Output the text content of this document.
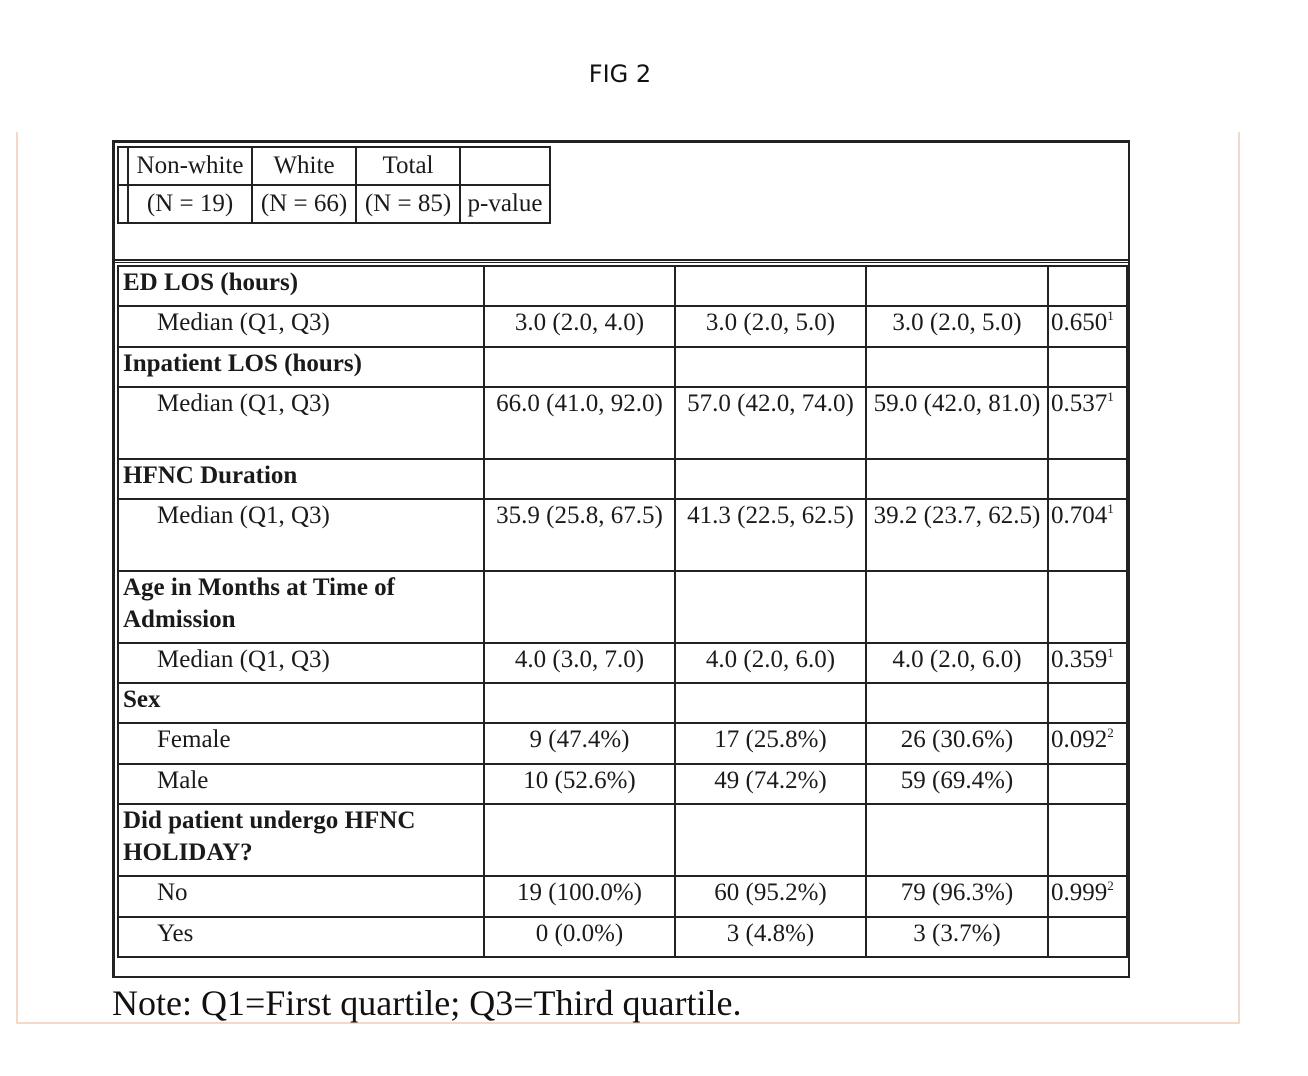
FIG 2
	Non-white	White	Total	
	(N = 19)	(N = 66)	(N = 85)	p-value
ED LOS (hours)				
Median (Q1, Q3)	3.0 (2.0, 4.0)	3.0 (2.0, 5.0)	3.0 (2.0, 5.0)	0.650$^1$
Inpatient LOS (hours)				
Median (Q1, Q3)	66.0 (41.0, 92.0)	57.0 (42.0, 74.0)	59.0 (42.0, 81.0)	0.537$^1$
HFNC Duration				
Median (Q1, Q3)	35.9 (25.8, 67.5)	41.3 (22.5, 62.5)	39.2 (23.7, 62.5)	0.704$^1$
Age in Months at Time of Admission				
Median (Q1, Q3)	4.0 (3.0, 7.0)	4.0 (2.0, 6.0)	4.0 (2.0, 6.0)	0.359$^1$
Sex				
Female	9 (47.4%)	17 (25.8%)	26 (30.6%)	0.092$^2$
Male	10 (52.6%)	49 (74.2%)	59 (69.4%)	
Did patient undergo HFNC HOLIDAY?				
No	19 (100.0%)	60 (95.2%)	79 (96.3%)	0.999$^2$
Yes	0 (0.0%)	3 (4.8%)	3 (3.7%)	
Note: Q1=First quartile; Q3=Third quartile.
